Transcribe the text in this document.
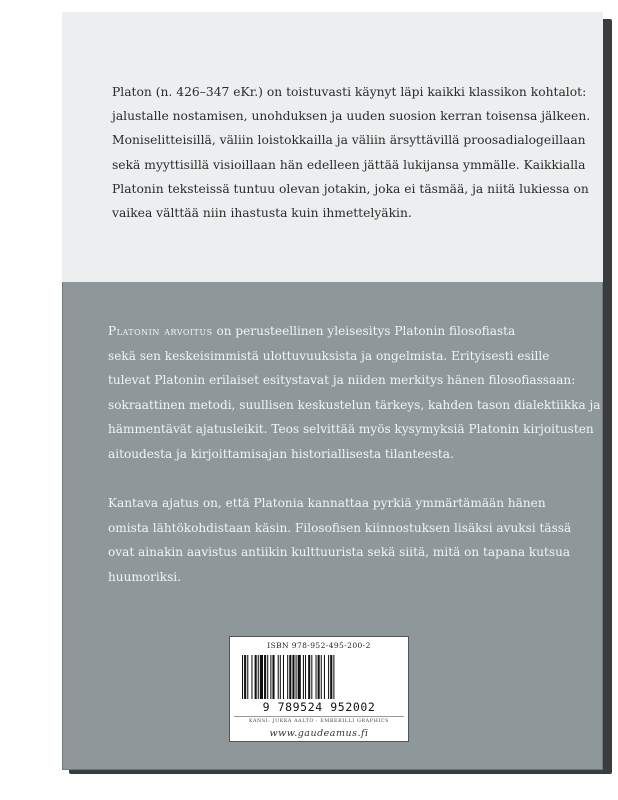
Platon (n. 426–347 eKr.) on toistuvasti käynyt läpi kaikki klassikon kohtalot:
jalustalle nostamisen, unohduksen ja uuden suosion kerran toisensa jälkeen.
Moniselitteisillä, väliin loistokkailla ja väliin ärsyttävillä proosadialogeillaan
sekä myyttisillä visioillaan hän edelleen jättää lukijansa ymmälle. Kaikkialla
Platonin teksteissä tuntuu olevan jotakin, joka ei täsmää, ja niitä lukiessa on
vaikea välttää niin ihastusta kuin ihmettelyäkin.
Platonin arvoitus on perusteellinen yleisesitys Platonin filosofiasta
sekä sen keskeisimmistä ulottuvuuksista ja ongelmista. Erityisesti esille
tulevat Platonin erilaiset esitystavat ja niiden merkitys hänen filosofiassaan:
sokraattinen metodi, suullisen keskustelun tärkeys, kahden tason dialektiikka ja
hämmentävät ajatusleikit. Teos selvittää myös kysymyksiä Platonin kirjoitusten
aitoudesta ja kirjoittamisajan historiallisesta tilanteesta.
Kantava ajatus on, että Platonia kannattaa pyrkiä ymmärtämään hänen
omista lähtökohdistaan käsin. Filosofisen kiinnostuksen lisäksi avuksi tässä
ovat ainakin aavistus antiikin kulttuurista sekä siitä, mitä on tapana kutsua
huumoriksi.
ISBN 978-952-495-200-2
9 789524 952002
KANSI: JUKKA AALTO · EMBERILLI GRAPHICS
www.gaudeamus.fi
